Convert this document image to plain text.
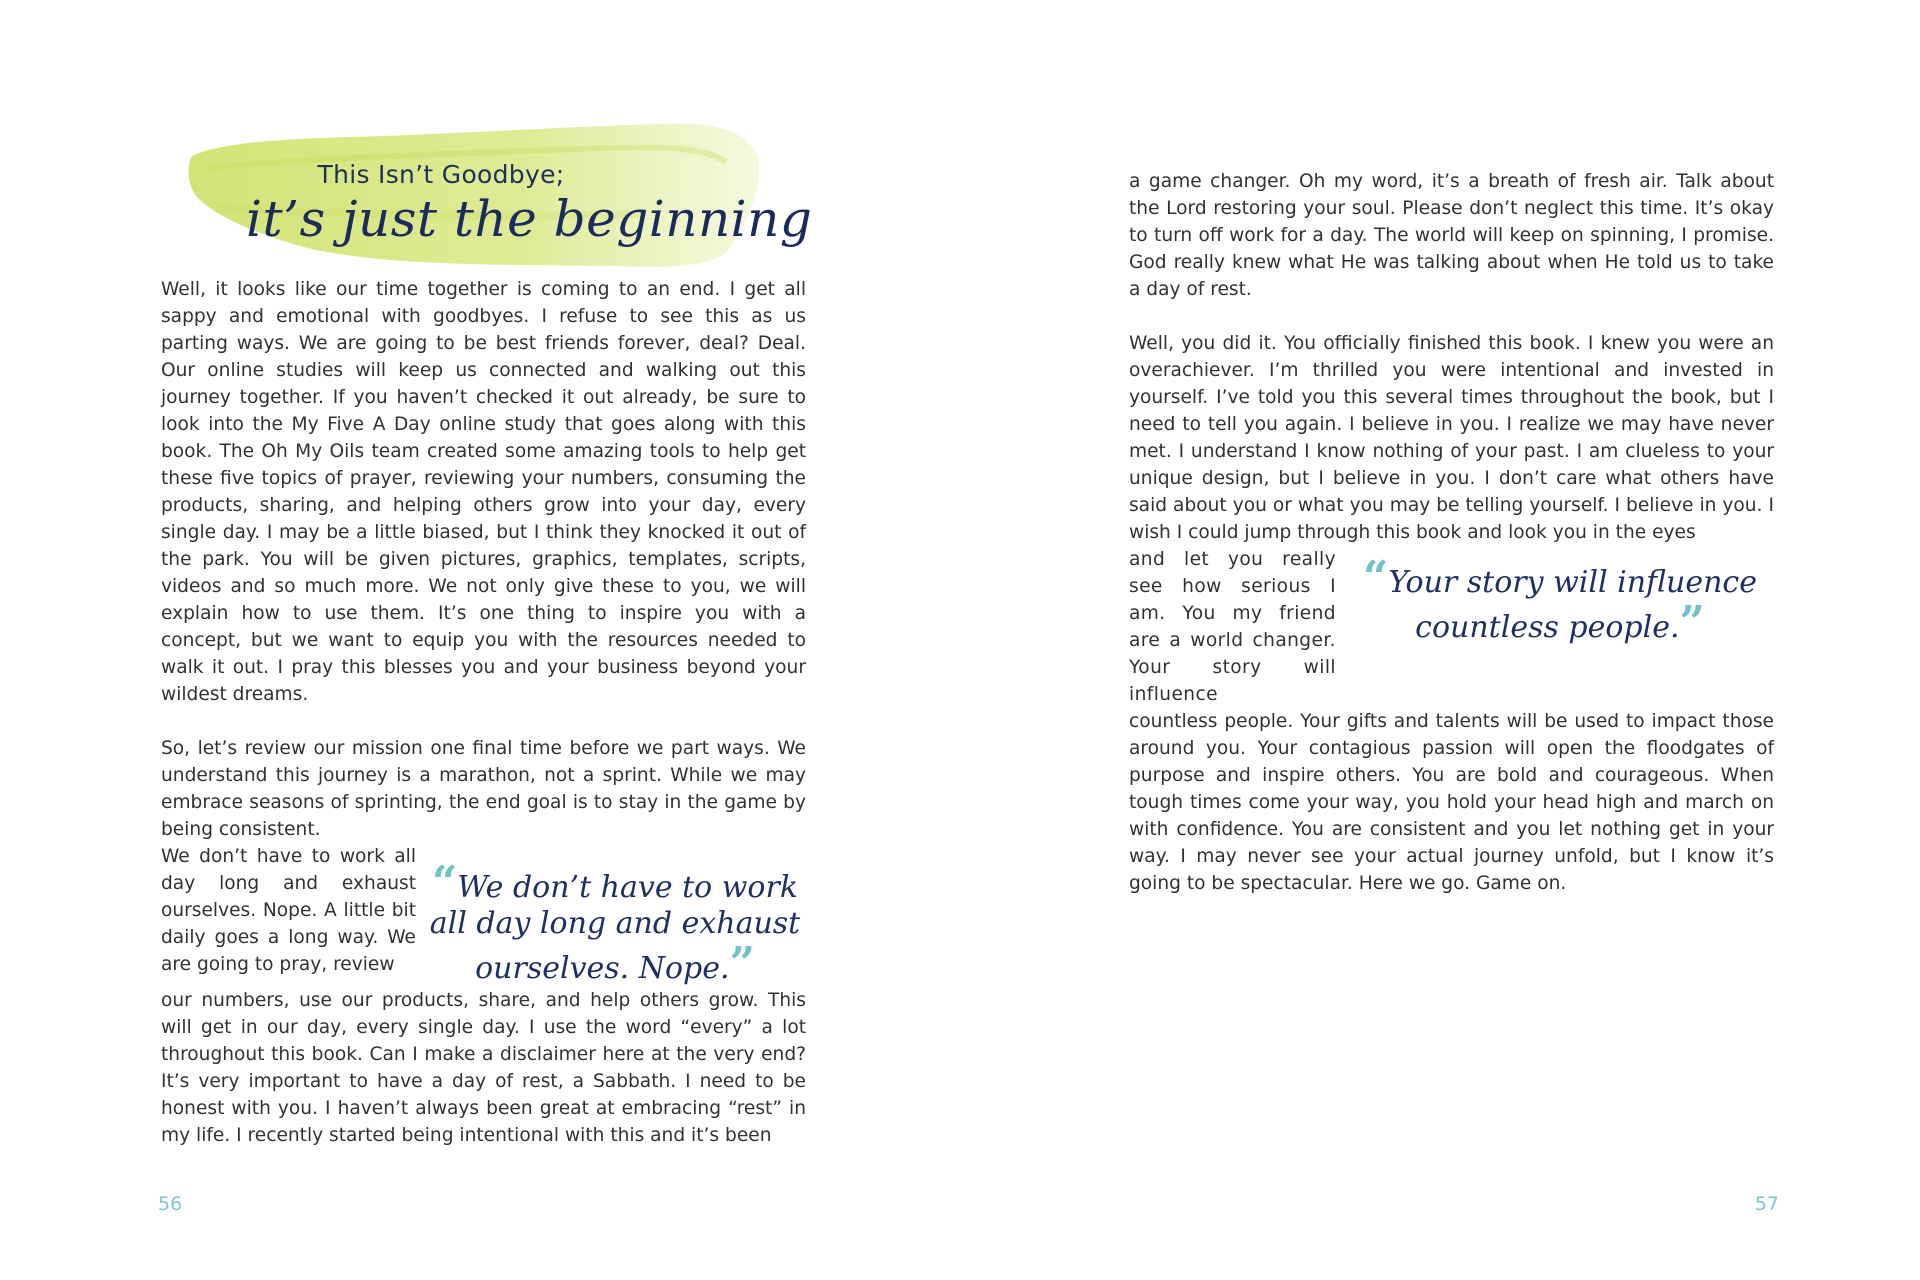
This Isn’t Goodbye;
it’s just the beginning

Well, it looks like our time together is coming to an end. I get all sappy and emotional with goodbyes. I refuse to see this as us parting ways. We are going to be best friends forever, deal? Deal. Our online studies will keep us connected and walking out this journey together. If you haven’t checked it out already, be sure to look into the My Five A Day online study that goes along with this book. The Oh My Oils team created some amazing tools to help get these five topics of prayer, reviewing your numbers, consuming the products, sharing, and helping others grow into your day, every single day. I may be a little biased, but I think they knocked it out of the park. You will be given pictures, graphics, templates, scripts, videos and so much more. We not only give these to you, we will explain how to use them. It’s one thing to inspire you with a concept, but we want to equip you with the resources needed to walk it out. I pray this blesses you and your business beyond your wildest dreams.

So, let’s review our mission one final time before we part ways. We understand this journey is a marathon, not a sprint. While we may embrace seasons of sprinting, the end goal is to stay in the game by being consistent.

We don’t have to work all day long and exhaust ourselves. Nope. A little bit daily goes a long way. We are going to pray, review

“We don’t have to work all day long and exhaust ourselves. Nope.”

our numbers, use our products, share, and help others grow. This will get in our day, every single day. I use the word “every” a lot throughout this book. Can I make a disclaimer here at the very end? It’s very important to have a day of rest, a Sabbath. I need to be honest with you. I haven’t always been great at embracing “rest” in my life. I recently started being intentional with this and it’s been

56

a game changer. Oh my word, it’s a breath of fresh air. Talk about the Lord restoring your soul. Please don’t neglect this time. It’s okay to turn off work for a day. The world will keep on spinning, I promise. God really knew what He was talking about when He told us to take a day of rest.

Well, you did it. You officially finished this book. I knew you were an overachiever. I’m thrilled you were intentional and invested in yourself. I’ve told you this several times throughout the book, but I need to tell you again. I believe in you. I realize we may have never met. I understand I know nothing of your past. I am clueless to your unique design, but I believe in you. I don’t care what others have said about you or what you may be telling yourself. I believe in you. I wish I could jump through this book and look you in the eyes

and let you really see how serious I am. You my friend are a world changer. Your story will influence

“Your story will influence countless people.”

countless people. Your gifts and talents will be used to impact those around you. Your contagious passion will open the floodgates of purpose and inspire others. You are bold and courageous. When tough times come your way, you hold your head high and march on with confidence. You are consistent and you let nothing get in your way. I may never see your actual journey unfold, but I know it’s going to be spectacular. Here we go. Game on.

57
